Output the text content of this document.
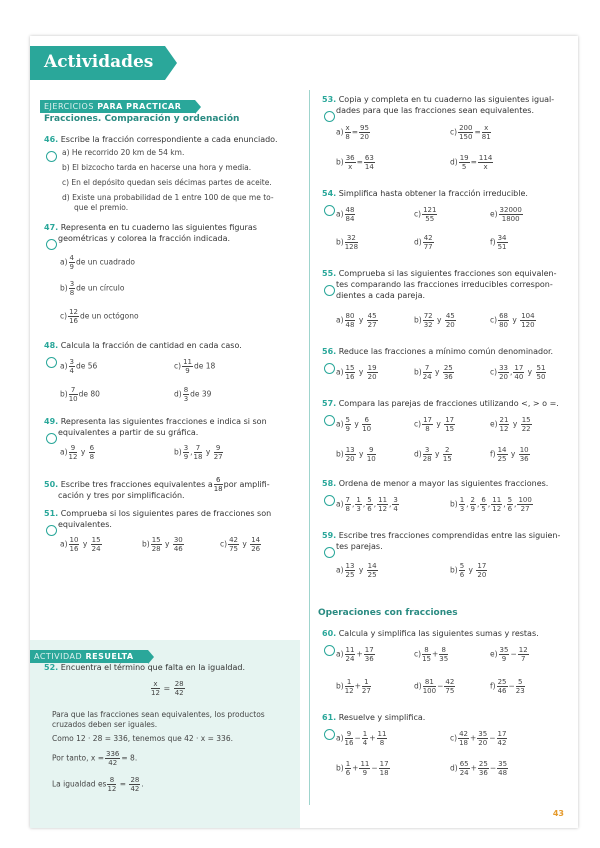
Actividades
EJERCICIOS PARA PRACTICAR
Fracciones. Comparación y ordenación
46. Escribe la fracción correspondiente a cada enunciado.
a) He recorrido 20 km de 54 km.
b) El bizcocho tarda en hacerse una hora y media.
c) En el depósito quedan seis décimas partes de aceite.
d) Existe una probabilidad de 1 entre 100 de que me to-
que el premio.
47. Representa en tu cuaderno las siguientes figuras
geométricas y colorea la fracción indicada.
$a) \frac{4}{9}$ de un cuadrado
$b) \frac{3}{8}$ de un círculo
$c) \frac{12}{16}$ de un octógono
48. Calcula la fracción de cantidad en cada caso.
$a) \frac{3}{4}$ de 56	$c) \frac{11}{9}$ de 18
$b) \frac{7}{10}$ de 80	$d) \frac{8}{3}$ de 39
49. Representa las siguientes fracciones e indica si son
equivalentes a partir de su gráfica.
$a) \frac{9}{12}$ y $\frac{6}{8}$	$b) \frac{3}{9}$ , $\frac{7}{18}$ y $\frac{9}{27}$
50. Escribe tres fracciones equivalentes a $\frac{6}{18}$ por amplifi-
cación y tres por simplificación.
51. Comprueba si los siguientes pares de fracciones son
equivalentes.
$a) \frac{10}{16}$ y $\frac{15}{24}$	$b) \frac{15}{28}$ y $\frac{30}{46}$	$c) \frac{42}{75}$ y $\frac{14}{26}$
ACTIVIDAD RESUELTA
52. Encuentra el término que falta en la igualdad.
$\frac{x}{12} = \frac{28}{42}$
Para que las fracciones sean equivalentes, los productos
cruzados deben ser iguales.
Como 12 · 28 = 336, tenemos que 42 · x = 336.
Por tanto, $x = \frac{336}{42} = 8$.
La igualdad es $\frac{8}{12} = \frac{28}{42}$ .
53. Copia y completa en tu cuaderno las siguientes igual-
dades para que las fracciones sean equivalentes.
$a) \frac{x}{8} = \frac{95}{20}$	$c) \frac{200}{150} = \frac{x}{81}$
$b) \frac{36}{x} = \frac{63}{14}$	$d) \frac{19}{5} = \frac{114}{x}$
54. Simplifica hasta obtener la fracción irreducible.
$a) \frac{48}{84}$	$c) \frac{121}{55}$	$e) \frac{32000}{1800}$
$b) \frac{32}{128}$	$d) \frac{42}{77}$	$f) \frac{34}{51}$
55. Comprueba si las siguientes fracciones son equivalen-
tes comparando las fracciones irreducibles correspon-
dientes a cada pareja.
$a) \frac{80}{48}$ y $\frac{45}{27}$	$b) \frac{72}{32}$ y $\frac{45}{20}$	$c) \frac{68}{80}$ y $\frac{104}{120}$
56. Reduce las fracciones a mínimo común denominador.
$a) \frac{15}{16}$ y $\frac{19}{20}$	$b) \frac{7}{24}$ y $\frac{25}{36}$	$c) \frac{33}{20}$ , $\frac{17}{40}$ y $\frac{51}{50}$
57. Compara las parejas de fracciones utilizando <, > o =.
$a) \frac{5}{9}$ y $\frac{6}{10}$	$c) \frac{17}{8}$ y $\frac{17}{15}$	$e) \frac{21}{12}$ y $\frac{15}{22}$
$b) \frac{13}{20}$ y $\frac{9}{10}$	$d) \frac{3}{28}$ y $\frac{2}{15}$	$f) \frac{14}{25}$ y $\frac{10}{36}$
58. Ordena de menor a mayor las siguientes fracciones.
$a) \frac{7}{8}$ , $\frac{1}{3}$ , $\frac{5}{6}$ , $\frac{11}{12}$ , $\frac{3}{4}$	$b) \frac{1}{3}$ , $\frac{2}{9}$ , $\frac{6}{5}$ , $\frac{11}{12}$ , $\frac{5}{6}$ , $\frac{100}{27}$
59. Escribe tres fracciones comprendidas entre las siguien-
tes parejas.
$a) \frac{13}{25}$ y $\frac{14}{25}$	$b) \frac{5}{6}$ y $\frac{17}{20}$
Operaciones con fracciones
60. Calcula y simplifica las siguientes sumas y restas.
$a) \frac{11}{24} + \frac{17}{36}$	$c) \frac{8}{15} + \frac{8}{35}$	$e) \frac{35}{9} - \frac{12}{7}$
$b) \frac{1}{12} + \frac{1}{27}$	$d) \frac{81}{100} - \frac{42}{75}$	$f) \frac{25}{46} - \frac{5}{23}$
61. Resuelve y simplifica.
$a) \frac{9}{16} - \frac{1}{4} + \frac{11}{8}$	$c) \frac{42}{18} + \frac{35}{20} - \frac{17}{42}$
$b) \frac{1}{6} + \frac{11}{9} - \frac{17}{18}$	$d) \frac{65}{24} + \frac{25}{36} - \frac{35}{48}$
43
